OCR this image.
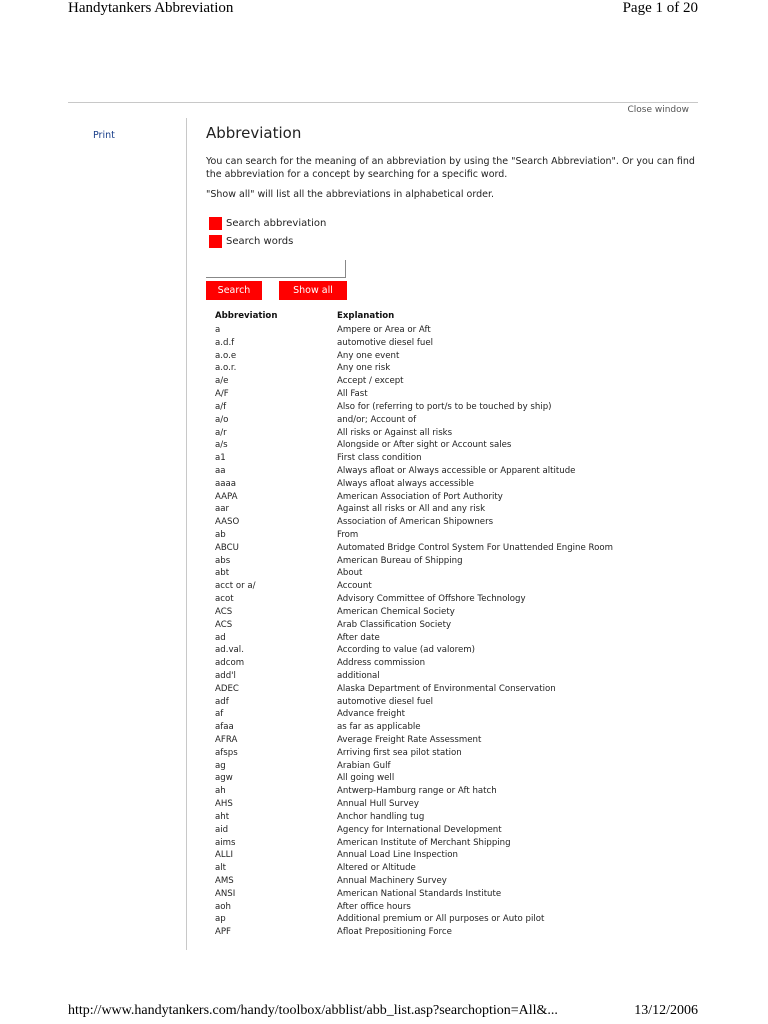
Handytankers Abbreviation	Page 1 of 20
Close window
Print	Abbreviation

You can search for the meaning of an abbreviation by using the "Search Abbreviation". Or you can find the abbreviation for a concept by searching for a specific word.

"Show all" will list all the abbreviations in alphabetical order.

Search abbreviation
Search words
Search	Show all
Abbreviation	Explanation
a	Ampere or Area or Aft
a.d.f	automotive diesel fuel
a.o.e	Any one event
a.o.r.	Any one risk
a/e	Accept / except
A/F	All Fast
a/f	Also for (referring to port/s to be touched by ship)
a/o	and/or; Account of
a/r	All risks or Against all risks
a/s	Alongside or After sight or Account sales
a1	First class condition
aa	Always afloat or Always accessible or Apparent altitude
aaaa	Always afloat always accessible
AAPA	American Association of Port Authority
aar	Against all risks or All and any risk
AASO	Association of American Shipowners
ab	From
ABCU	Automated Bridge Control System For Unattended Engine Room
abs	American Bureau of Shipping
abt	About
acct or a/	Account
acot	Advisory Committee of Offshore Technology
ACS	American Chemical Society
ACS	Arab Classification Society
ad	After date
ad.val.	According to value (ad valorem)
adcom	Address commission
add'l	additional
ADEC	Alaska Department of Environmental Conservation
adf	automotive diesel fuel
af	Advance freight
afaa	as far as applicable
AFRA	Average Freight Rate Assessment
afsps	Arriving first sea pilot station
ag	Arabian Gulf
agw	All going well
ah	Antwerp-Hamburg range or Aft hatch
AHS	Annual Hull Survey
aht	Anchor handling tug
aid	Agency for International Development
aims	American Institute of Merchant Shipping
ALLI	Annual Load Line Inspection
alt	Altered or Altitude
AMS	Annual Machinery Survey
ANSI	American National Standards Institute
aoh	After office hours
ap	Additional premium or All purposes or Auto pilot
APF	Afloat Prepositioning Force
http://www.handytankers.com/handy/toolbox/abblist/abb_list.asp?searchoption=All&...	13/12/2006
